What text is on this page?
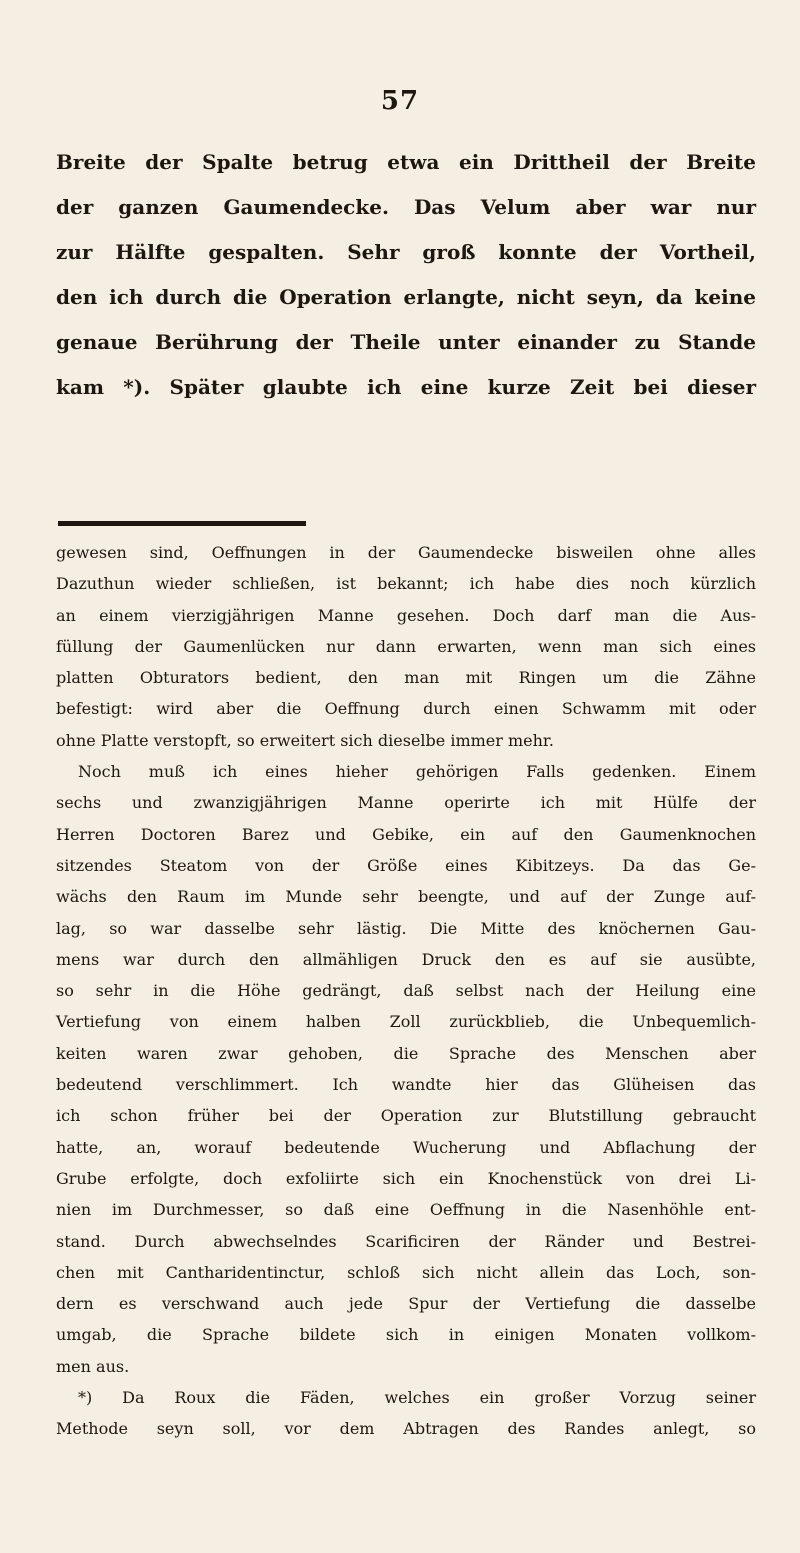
57
Breite der Spalte betrug etwa ein Drittheil der Breite
der ganzen Gaumendecke. Das Velum aber war nur
zur Hälfte gespalten. Sehr groß konnte der Vortheil,
den ich durch die Operation erlangte, nicht seyn, da keine
genaue Berührung der Theile unter einander zu Stande
kam *). Später glaubte ich eine kurze Zeit bei dieser
gewesen sind, Oeffnungen in der Gaumendecke bisweilen ohne alles
Dazuthun wieder schließen, ist bekannt; ich habe dies noch kürzlich
an einem vierzigjährigen Manne gesehen. Doch darf man die Aus-
füllung der Gaumenlücken nur dann erwarten, wenn man sich eines
platten Obturators bedient, den man mit Ringen um die Zähne
befestigt: wird aber die Oeffnung durch einen Schwamm mit oder
ohne Platte verstopft, so erweitert sich dieselbe immer mehr.
Noch muß ich eines hieher gehörigen Falls gedenken. Einem
sechs und zwanzigjährigen Manne operirte ich mit Hülfe der
Herren Doctoren Barez und Gebike, ein auf den Gaumenknochen
sitzendes Steatom von der Größe eines Kibitzeys. Da das Ge-
wächs den Raum im Munde sehr beengte, und auf der Zunge auf-
lag, so war dasselbe sehr lästig. Die Mitte des knöchernen Gau-
mens war durch den allmähligen Druck den es auf sie ausübte,
so sehr in die Höhe gedrängt, daß selbst nach der Heilung eine
Vertiefung von einem halben Zoll zurückblieb, die Unbequemlich-
keiten waren zwar gehoben, die Sprache des Menschen aber
bedeutend verschlimmert. Ich wandte hier das Glüheisen das
ich schon früher bei der Operation zur Blutstillung gebraucht
hatte, an, worauf bedeutende Wucherung und Abflachung der
Grube erfolgte, doch exfoliirte sich ein Knochenstück von drei Li-
nien im Durchmesser, so daß eine Oeffnung in die Nasenhöhle ent-
stand. Durch abwechselndes Scarificiren der Ränder und Bestrei-
chen mit Cantharidentinctur, schloß sich nicht allein das Loch, son-
dern es verschwand auch jede Spur der Vertiefung die dasselbe
umgab, die Sprache bildete sich in einigen Monaten vollkom-
men aus.
*) Da Roux die Fäden, welches ein großer Vorzug seiner
Methode seyn soll, vor dem Abtragen des Randes anlegt, so
